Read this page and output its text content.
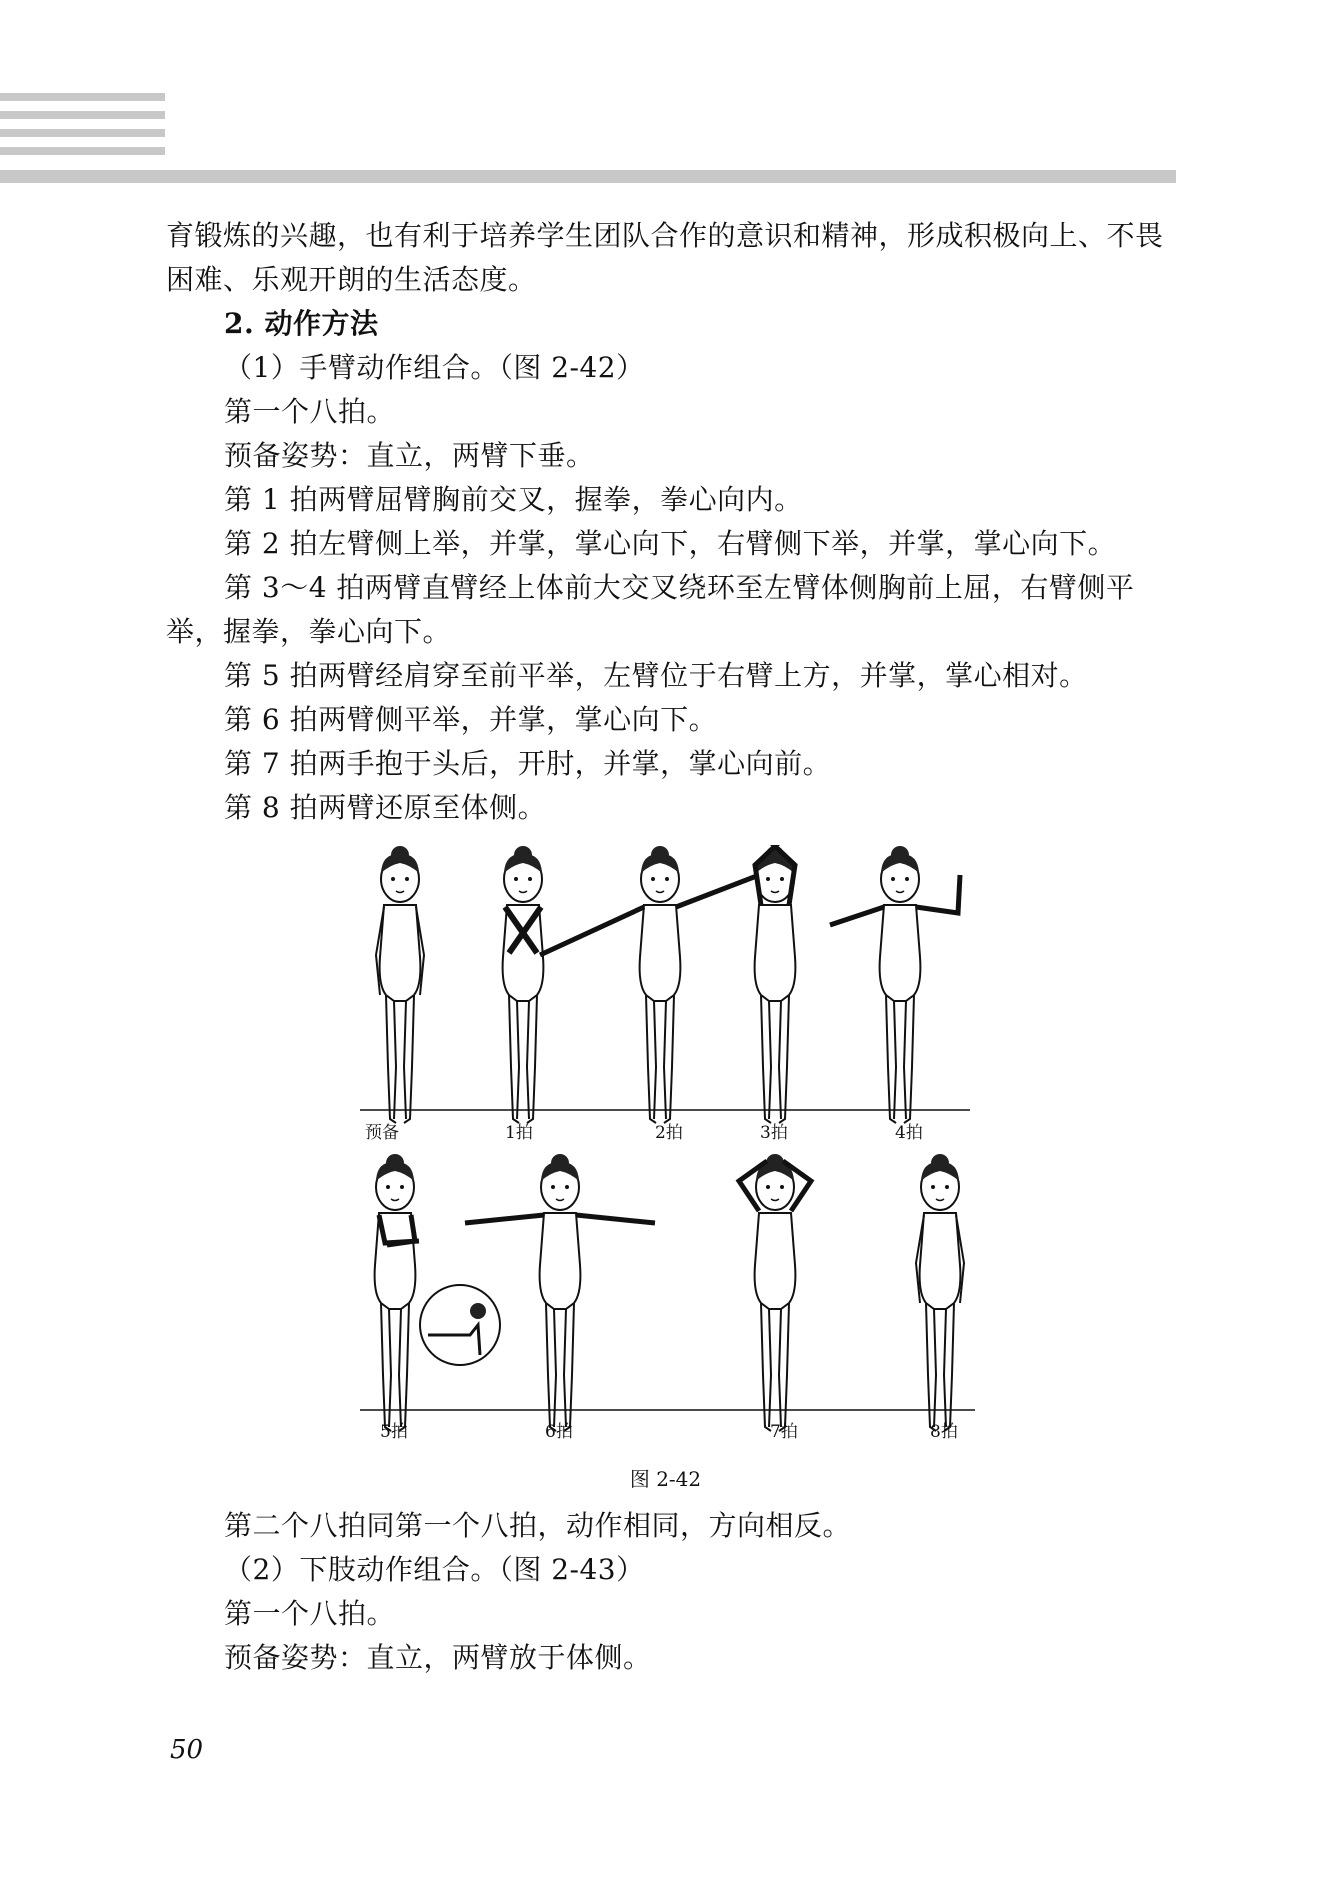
育锻炼的兴趣，也有利于培养学生团队合作的意识和精神，形成积极向上、不畏困难、乐观开朗的生活态度。

2. 动作方法

（1）手臂动作组合。（图 2-42）

第一个八拍。

预备姿势：直立，两臂下垂。

第 1 拍两臂屈臂胸前交叉，握拳，拳心向内。

第 2 拍左臂侧上举，并掌，掌心向下，右臂侧下举，并掌，掌心向下。

第 3～4 拍两臂直臂经上体前大交叉绕环至左臂体侧胸前上屈，右臂侧平举，握拳，拳心向下。

第 5 拍两臂经肩穿至前平举，左臂位于右臂上方，并掌，掌心相对。

第 6 拍两臂侧平举，并掌，掌心向下。

第 7 拍两手抱于头后，开肘，并掌，掌心向前。

第 8 拍两臂还原至体侧。

预备	1拍	2拍	3拍	4拍
5拍	6拍	7拍	8拍
图 2-42

第二个八拍同第一个八拍，动作相同，方向相反。

（2）下肢动作组合。（图 2-43）

第一个八拍。

预备姿势：直立，两臂放于体侧。

50
